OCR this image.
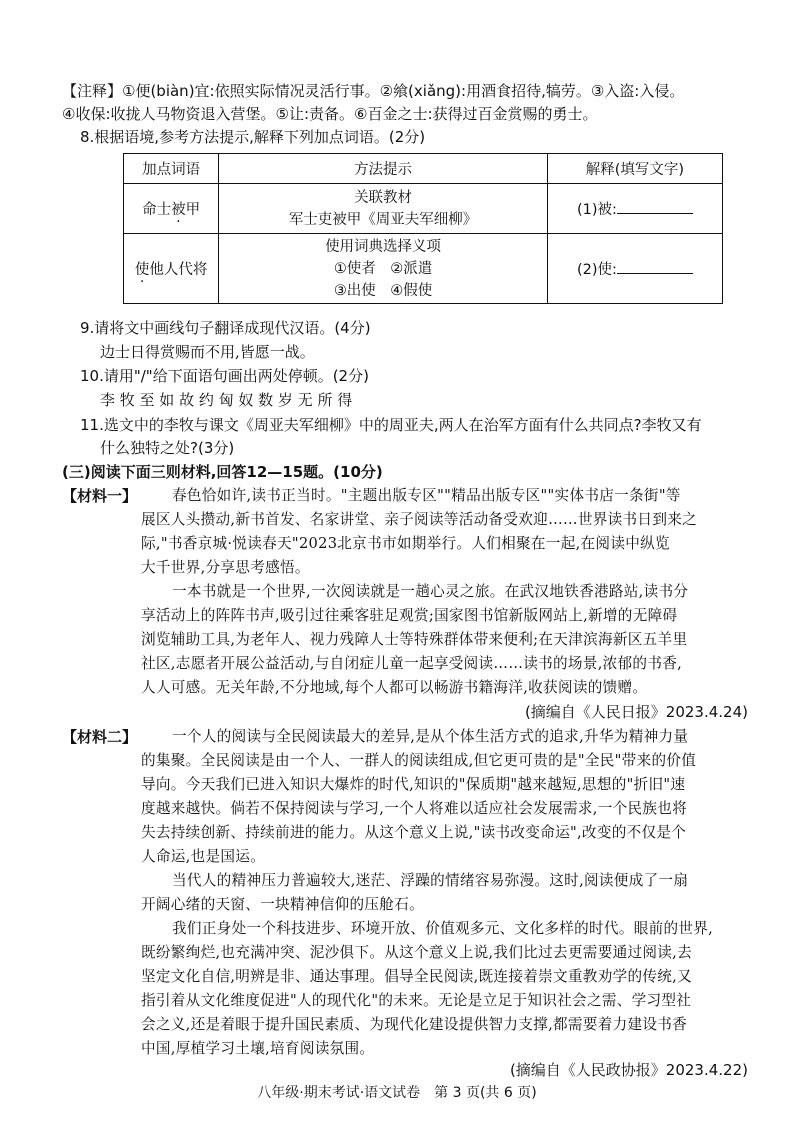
【注释】①便(biàn)宜:依照实际情况灵活行事。②飨(xiǎng):用酒食招待,犒劳。③入盗:入侵。
④收保:收拢人马物资退入营堡。⑤让:责备。⑥百金之士:获得过百金赏赐的勇士。
8.根据语境,参考方法提示,解释下列加点词语。(2分)
加点词语	方法提示	解释(填写文字)
命士被甲	关联教材
军士吏被甲《周亚夫军细柳》	(1)被:
使他人代将	使用词典选择义项
①使者　②派遣
③出使　④假使	(2)使:
9.请将文中画线句子翻译成现代汉语。(4分)
边士日得赏赐而不用,皆愿一战。
10.请用"/"给下面语句画出两处停顿。(2分)
李 牧 至 如 故 约 匈 奴 数 岁 无 所 得
11.选文中的李牧与课文《周亚夫军细柳》中的周亚夫,两人在治军方面有什么共同点?李牧又有
什么独特之处?(3分)
(三)阅读下面三则材料,回答12—15题。(10分)
【材料一】 春色恰如许,读书正当时。"主题出版专区""精品出版专区""实体书店一条街"等
展区人头攒动,新书首发、名家讲堂、亲子阅读等活动备受欢迎……世界读书日到来之
际,"书香京城·悦读春天"2023北京书市如期举行。人们相聚在一起,在阅读中纵览
大千世界,分享思考感悟。
一本书就是一个世界,一次阅读就是一趟心灵之旅。在武汉地铁香港路站,读书分
享活动上的阵阵书声,吸引过往乘客驻足观赏;国家图书馆新版网站上,新增的无障碍
浏览辅助工具,为老年人、视力残障人士等特殊群体带来便利;在天津滨海新区五羊里
社区,志愿者开展公益活动,与自闭症儿童一起享受阅读……读书的场景,浓郁的书香,
人人可感。无关年龄,不分地域,每个人都可以畅游书籍海洋,收获阅读的馈赠。
(摘编自《人民日报》2023.4.24)
【材料二】 一个人的阅读与全民阅读最大的差异,是从个体生活方式的追求,升华为精神力量
的集聚。全民阅读是由一个人、一群人的阅读组成,但它更可贵的是"全民"带来的价值
导向。今天我们已进入知识大爆炸的时代,知识的"保质期"越来越短,思想的"折旧"速
度越来越快。倘若不保持阅读与学习,一个人将难以适应社会发展需求,一个民族也将
失去持续创新、持续前进的能力。从这个意义上说,"读书改变命运",改变的不仅是个
人命运,也是国运。
当代人的精神压力普遍较大,迷茫、浮躁的情绪容易弥漫。这时,阅读便成了一扇
开阔心绪的天窗、一块精神信仰的压舱石。
我们正身处一个科技进步、环境开放、价值观多元、文化多样的时代。眼前的世界,
既纷繁绚烂,也充满冲突、泥沙俱下。从这个意义上说,我们比过去更需要通过阅读,去
坚定文化自信,明辨是非、通达事理。倡导全民阅读,既连接着崇文重教劝学的传统,又
指引着从文化维度促进"人的现代化"的未来。无论是立足于知识社会之需、学习型社
会之义,还是着眼于提升国民素质、为现代化建设提供智力支撑,都需要着力建设书香
中国,厚植学习土壤,培育阅读氛围。
(摘编自《人民政协报》2023.4.22)
八年级·期末考试·语文试卷　第 3 页(共 6 页)
